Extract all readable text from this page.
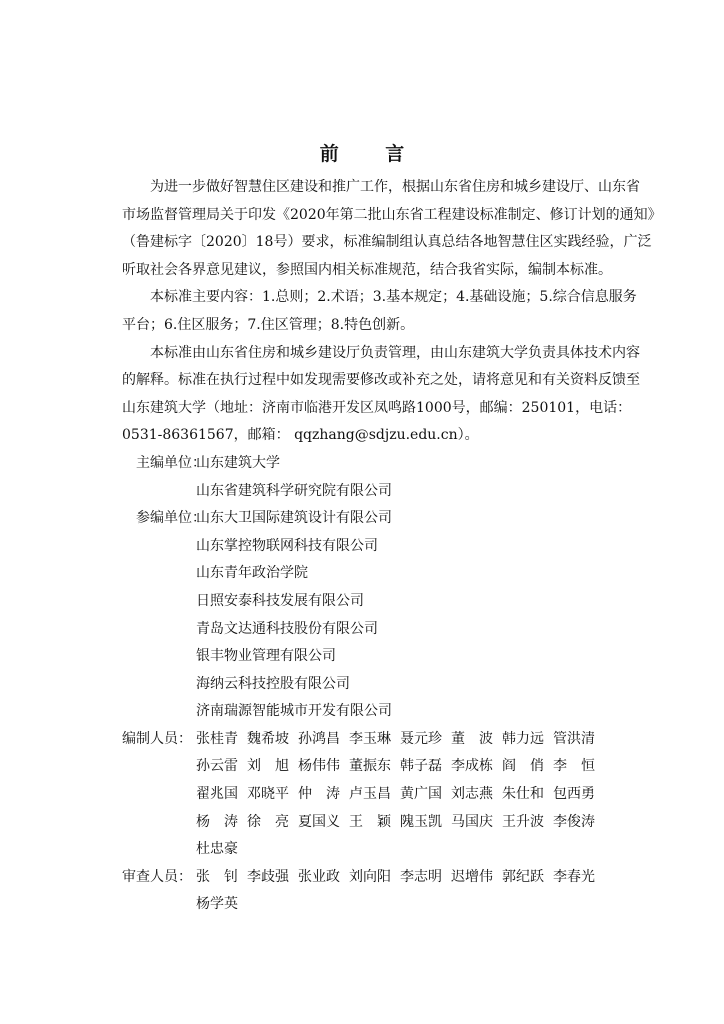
前 言
为进一步做好智慧住区建设和推广工作，根据山东省住房和城乡建设厅、山东省
市场监督管理局关于印发《2020年第二批山东省工程建设标准制定、修订计划的通知》
（鲁建标字〔2020〕18号）要求，标准编制组认真总结各地智慧住区实践经验，广泛
听取社会各界意见建议，参照国内相关标准规范，结合我省实际，编制本标准。
本标准主要内容：1.总则；2.术语；3.基本规定；4.基础设施；5.综合信息服务
平台；6.住区服务；7.住区管理；8.特色创新。
本标准由山东省住房和城乡建设厅负责管理，由山东建筑大学负责具体技术内容
的解释。标准在执行过程中如发现需要修改或补充之处，请将意见和有关资料反馈至
山东建筑大学（地址：济南市临港开发区凤鸣路1000号，邮编：250101，电话：
0531-86361567，邮箱： qqzhang@sdjzu.edu.cn）。
主编单位：
山东建筑大学
山东省建筑科学研究院有限公司
参编单位：
山东大卫国际建筑设计有限公司
山东掌控物联网科技有限公司
山东青年政治学院
日照安泰科技发展有限公司
青岛文达通科技股份有限公司
银丰物业管理有限公司
海纳云科技控股有限公司
济南瑞源智能城市开发有限公司
编制人员： 张桂青 魏希坡 孙鸿昌 李玉琳 聂元珍 董　波 韩力远 管洪清
孙云雷 刘　旭 杨伟伟 董振东 韩子磊 李成栋 阎　俏 李　恒
翟兆国 邓晓平 仲　涛 卢玉昌 黄广国 刘志燕 朱仕和 包西勇
杨　涛 徐　亮 夏国义 王　颖 隗玉凯 马国庆 王升波 李俊涛
杜忠豪
审查人员： 张　钊 李歧强 张业政 刘向阳 李志明 迟增伟 郭纪跃 李春光
杨学英
